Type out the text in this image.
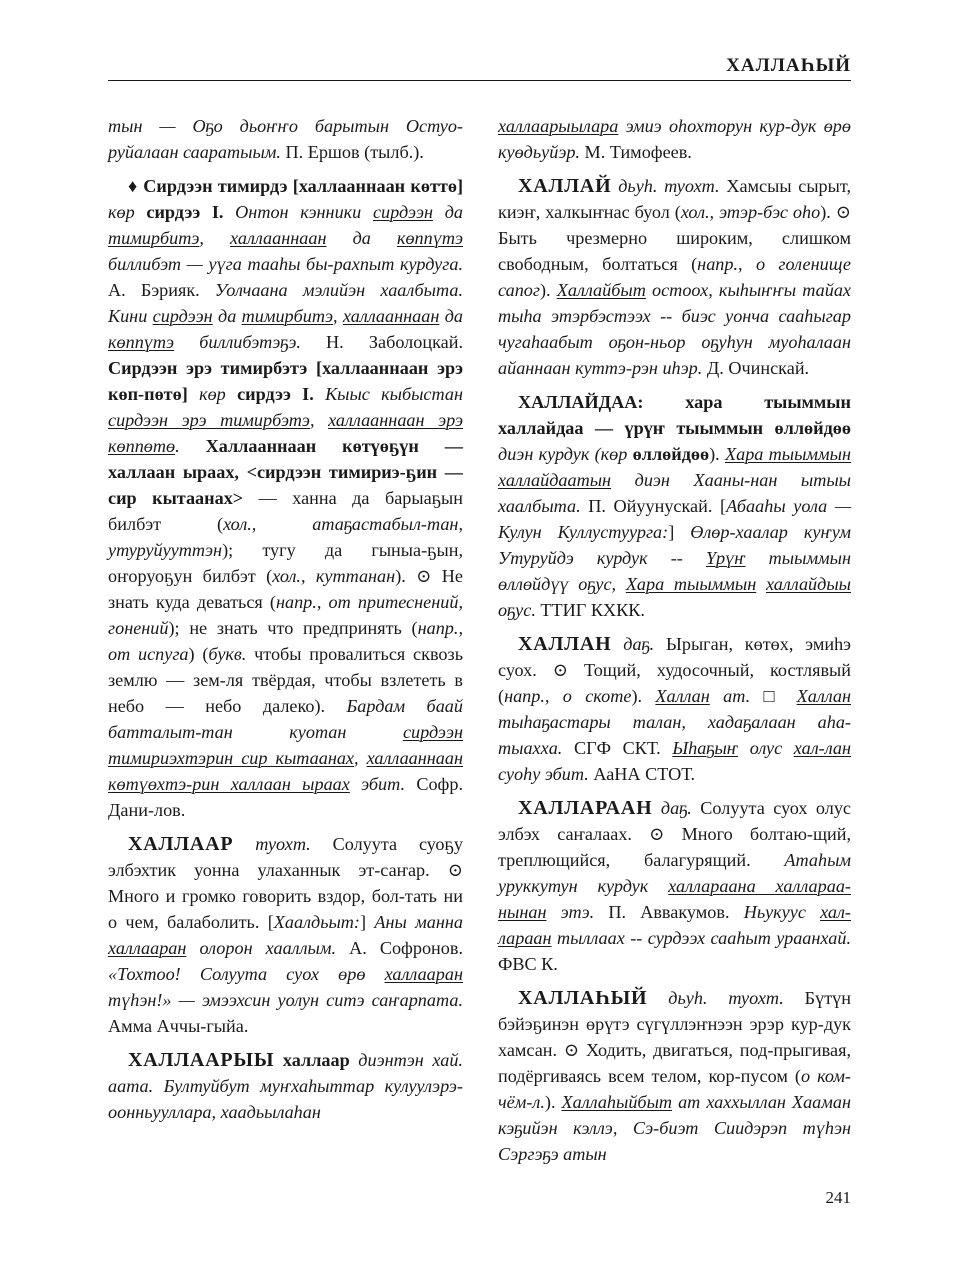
ХАЛЛАҺЫЙ

тын — Оҕо дьоҥҥо барытын Остуо-руйалаан сааратыым. П. Ершов (тылб.).

♦ Сирдээн тимирдэ [халлааннаан көттө] көр сирдээ I. Онтон кэнники сирдээн да тимирбитэ, халлааннаан да көппүтэ биллибэт — уүга тааһы бы-рахпыт курдуга. А. Бэрияк. Уолчаана мэлийэн хаалбыта. Кини сирдээн да тимирбитэ, халлааннаан да көппүтэ биллибэтэҕэ. Н. Заболоцкай. Сирдээн эрэ тимирбэтэ [халлааннаан эрэ көп-пөтө] көр сирдээ I. Кыыс кыбыстан сирдээн эрэ тимирбэтэ, халлааннаан эрэ көппөтө. Халлааннаан көтүөҕүн — халлаан ыраах, <сирдээн тимириэ-ҕин — сир кытаанах> — ханна да барыаҕын билбэт (хол., атаҕастабыл-тан, утуруйууттэн); тугу да гыныа-ҕын, оҥоруоҕун билбэт (хол., куттанан). ⊙ Не знать куда деваться (напр., от притеснений, гонений); не знать что предпринять (напр., от испуга) (букв. чтобы провалиться сквозь землю — зем-ля твёрдая, чтобы взлететь в небо — небо далеко). Бардам баай батталыт-тан куотан сирдээн тимириэхтэрин сир кытаанах, халлааннаан көтүөхтэ-рин халлаан ыраах эбит. Софр. Дани-лов.

ХАЛЛААР туохт. Солуута суоҕу элбэхтик уонна улаханнык эт-саҥар. ⊙ Много и громко говорить вздор, бол-тать ни о чем, балаболить. [Хаалдьыт:] Аны манна халлааран олорон хааллым. А. Софронов. «Тохтоо! Солуута суох өрө халлааран түһэн!» — эмээхсин уолун ситэ саҥарпата. Амма Аччы-гыйа.

ХАЛЛААРЫЫ халлаар диэнтэн хай. аата. Бултуйбут муҥхаһыттар кулуулэрэ-оонньууллара, хаадьылаһан

халлаарыылара эмиэ оһохторун кур-дук өрө куөдьуйэр. М. Тимофеев.

ХАЛЛАЙ дьуһ. туохт. Хамсыы сырыт, киэҥ, халкыҥнас буол (хол., этэр-бэс оһо). ⊙ Быть чрезмерно широким, слишком свободным, болтаться (напр., о голенище сапог). Халлайбыт остоох, кыһыҥҥы тайах тыһа этэрбэстээх -- биэс уонча сааһыгар чугаһаабыт оҕон-ньор оҕуһун муоһалаан айаннаан куттэ-рэн иһэр. Д. Очинскай.

ХАЛЛАЙДАА: хара тыыммын халлайдаа — үрүҥ тыыммын өллөйдөө диэн курдук (көр өллөйдөө). Хара тыыммын халлайдаатын диэн Хааны-нан ытыы хаалбыта. П. Ойуунускай. [Абааһы уола — Кулун Куллустуурга:] Өлөр-хаалар куҥум Утуруйдэ курдук -- Үрүҥ тыыммын өллөйдүү оҕус, Хара тыыммын халлайдыы оҕус. ТТИГ КХКК.

ХАЛЛАН даҕ. Ырыган, көтөх, эмиһэ суох. ⊙ Тощий, худосочный, костлявый (напр., о скоте). Халлан ат. □ Халлан тыһаҕастары талан, хадаҕалаан аһа-тыаххa. СГФ СКТ. Ыһаҕыҥ олус хал-лан суоһу эбит. АаНА СТОТ.

ХАЛЛАРААН даҕ. Солуута суох олус элбэх саҥалаах. ⊙ Много болтаю-щий, треплющийся, балагурящий. Атаһым уруккутун курдук халлараана халлараа-нынан этэ. П. Аввакумов. Ньукуус хал-лараан тыллаах -- сурдээх сааһыт ураанхай. ФВС К.

ХАЛЛАҺЫЙ дьуһ. туохт. Бүтүн бэйэҕинэн өрүтэ сүгүллэҥнээн эрэр кур-дук хамсан. ⊙ Ходить, двигаться, под-прыгивая, подёргиваясь всем телом, кор-пусом (о ком-чём-л.). Халлаһыйбыт ат хаххыллан Хааман кэҕийэн кэллэ, Сэ-биэт Сиидэрэп түһэн Сэргэҕэ атын

241
